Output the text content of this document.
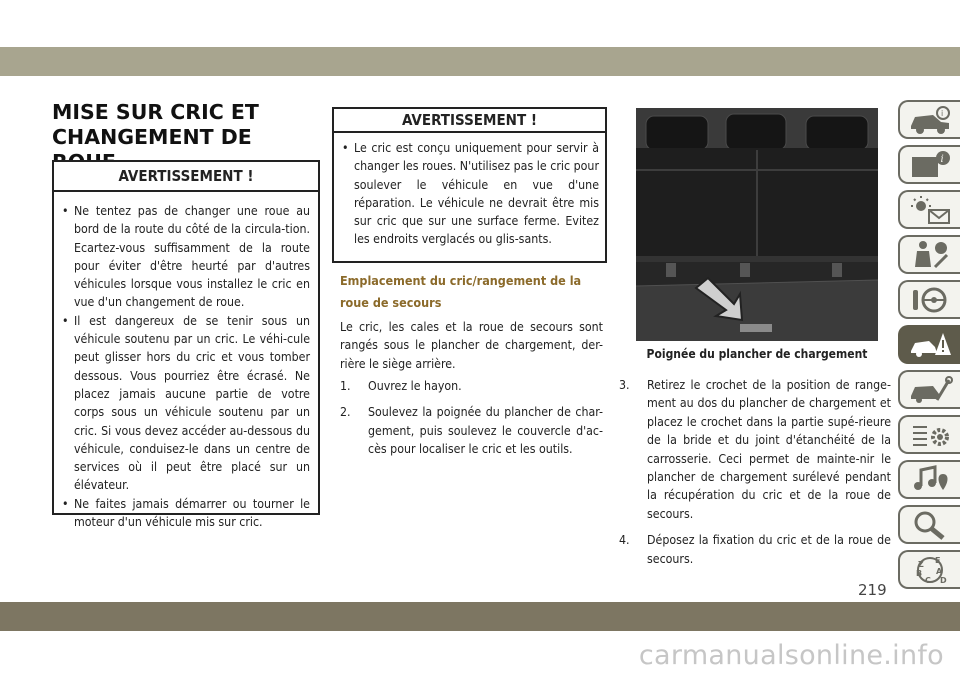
MISE SUR CRIC ET CHANGEMENT DE
AVERTISSEMENT !
• Ne tentez pas de changer une roue au bord de la route du côté de la circula-tion. Ecartez-vous suffisamment de la route pour éviter d'être heurté par d'autres véhicules lorsque vous installez le cric en vue d'un changement de roue.
• Il est dangereux de se tenir sous un véhicule soutenu par un cric. Le véhi-cule peut glisser hors du cric et vous tomber dessous. Vous pourriez être écrasé. Ne placez jamais aucune partie de votre corps sous un véhicule soutenu par un cric. Si vous devez accéder au-dessous du véhicule, conduisez-le dans un centre de services où il peut être placé sur un élévateur.
• Ne faites jamais démarrer ou tourner le moteur d'un véhicule mis sur cric.
AVERTISSEMENT !
• Le cric est conçu uniquement pour servir à changer les roues. N'utilisez pas le cric pour soulever le véhicule en vue d'une réparation. Le véhicule ne devrait être mis sur cric que sur une surface ferme. Evitez les endroits verglacés ou glis-sants.
Emplacement du cric/rangement de la roue de secours

Le cric, les cales et la roue de secours sont rangés sous le plancher de chargement, der-rière le siège arrière.

1. Ouvrez le hayon.
2. Soulevez la poignée du plancher de char-gement, puis soulevez le couvercle d'ac-cès pour localiser le cric et les outils.

Poignée du plancher de chargement

3. Retirez le crochet de la position de range-ment au dos du plancher de chargement et placez le crochet dans la partie supé-rieure de la bride et du joint d'étanchéité de la carrosserie. Ceci permet de mainte-nir le plancher de chargement surélevé pendant la récupération du cric et de la roue de secours.
4. Déposez la fixation du cric et de la roue de secours.
i
i
Z E
B A
C D
219
carmanualsonline.info
